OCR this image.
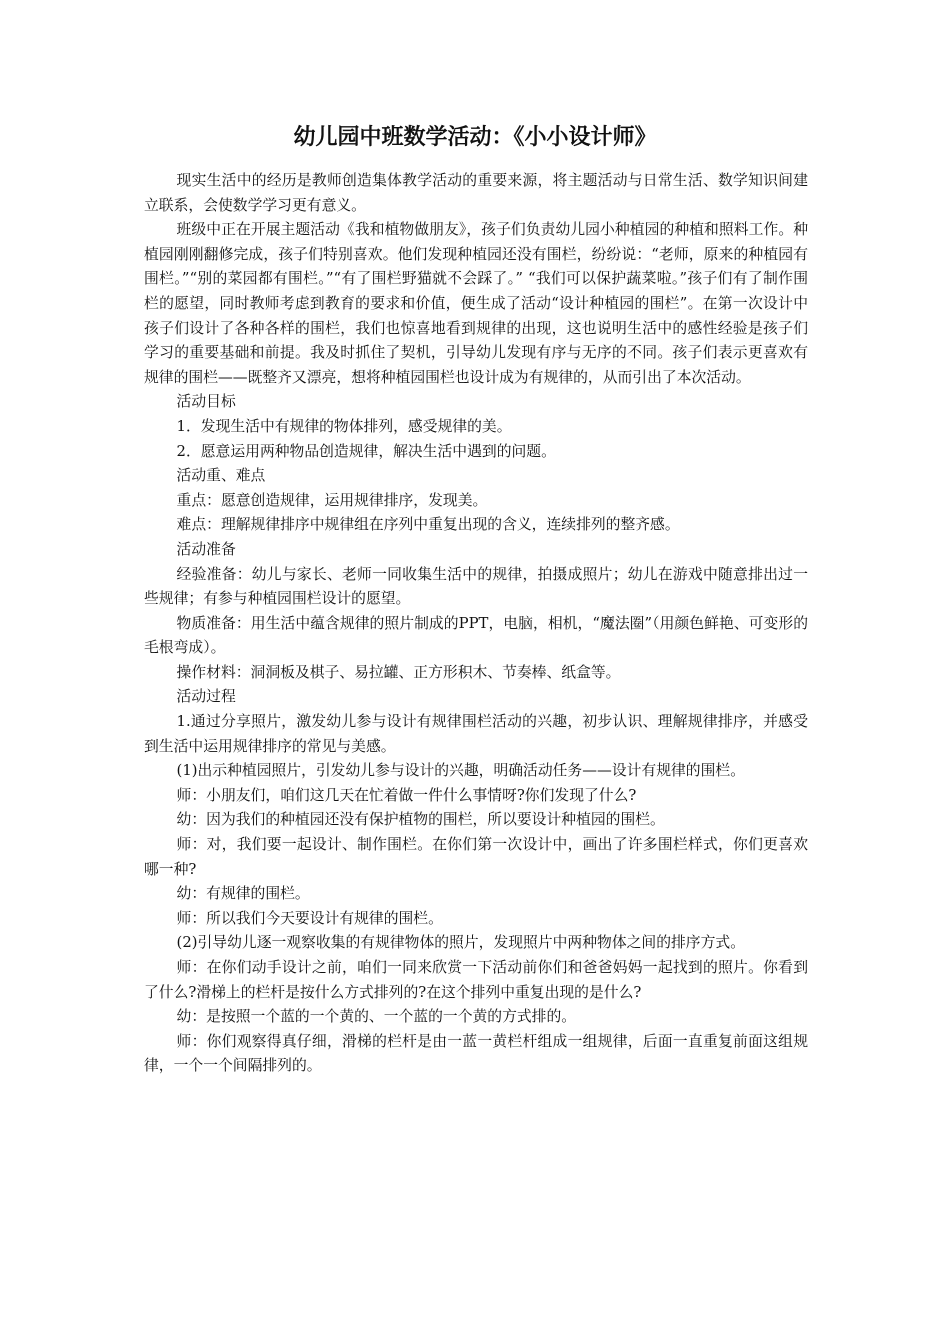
幼儿园中班数学活动：《小小设计师》

现实生活中的经历是教师创造集体教学活动的重要来源，将主题活动与日常生活、数学知识间建立联系，会使数学学习更有意义。

班级中正在开展主题活动《我和植物做朋友》，孩子们负责幼儿园小种植园的种植和照料工作。种植园刚刚翻修完成，孩子们特别喜欢。他们发现种植园还没有围栏，纷纷说：“老师，原来的种植园有围栏。”“别的菜园都有围栏。”“有了围栏野猫就不会踩了。” “我们可以保护蔬菜啦。”孩子们有了制作围栏的愿望，同时教师考虑到教育的要求和价值，便生成了活动“设计种植园的围栏”。在第一次设计中孩子们设计了各种各样的围栏，我们也惊喜地看到规律的出现，这也说明生活中的感性经验是孩子们学习的重要基础和前提。我及时抓住了契机，引导幼儿发现有序与无序的不同。孩子们表示更喜欢有规律的围栏——既整齐又漂亮，想将种植园围栏也设计成为有规律的，从而引出了本次活动。

活动目标

1．发现生活中有规律的物体排列，感受规律的美。

2．愿意运用两种物品创造规律，解决生活中遇到的问题。

活动重、难点

重点：愿意创造规律，运用规律排序，发现美。

难点：理解规律排序中规律组在序列中重复出现的含义，连续排列的整齐感。

活动准备

经验准备：幼儿与家长、老师一同收集生活中的规律，拍摄成照片；幼儿在游戏中随意排出过一些规律；有参与种植园围栏设计的愿望。

物质准备：用生活中蕴含规律的照片制成的PPT，电脑，相机，“魔法圈”（用颜色鲜艳、可变形的毛根弯成）。

操作材料：洞洞板及棋子、易拉罐、正方形积木、节奏棒、纸盒等。

活动过程

1.通过分享照片，激发幼儿参与设计有规律围栏活动的兴趣，初步认识、理解规律排序，并感受到生活中运用规律排序的常见与美感。

(1)出示种植园照片，引发幼儿参与设计的兴趣，明确活动任务——设计有规律的围栏。

师：小朋友们，咱们这几天在忙着做一件什么事情呀?你们发现了什么?

幼：因为我们的种植园还没有保护植物的围栏，所以要设计种植园的围栏。

师：对，我们要一起设计、制作围栏。在你们第一次设计中，画出了许多围栏样式，你们更喜欢哪一种?

幼：有规律的围栏。

师：所以我们今天要设计有规律的围栏。

(2)引导幼儿逐一观察收集的有规律物体的照片，发现照片中两种物体之间的排序方式。

师：在你们动手设计之前，咱们一同来欣赏一下活动前你们和爸爸妈妈一起找到的照片。你看到了什么?滑梯上的栏杆是按什么方式排列的?在这个排列中重复出现的是什么?

幼：是按照一个蓝的一个黄的、一个蓝的一个黄的方式排的。

师：你们观察得真仔细，滑梯的栏杆是由一蓝一黄栏杆组成一组规律，后面一直重复前面这组规律，一个一个间隔排列的。
